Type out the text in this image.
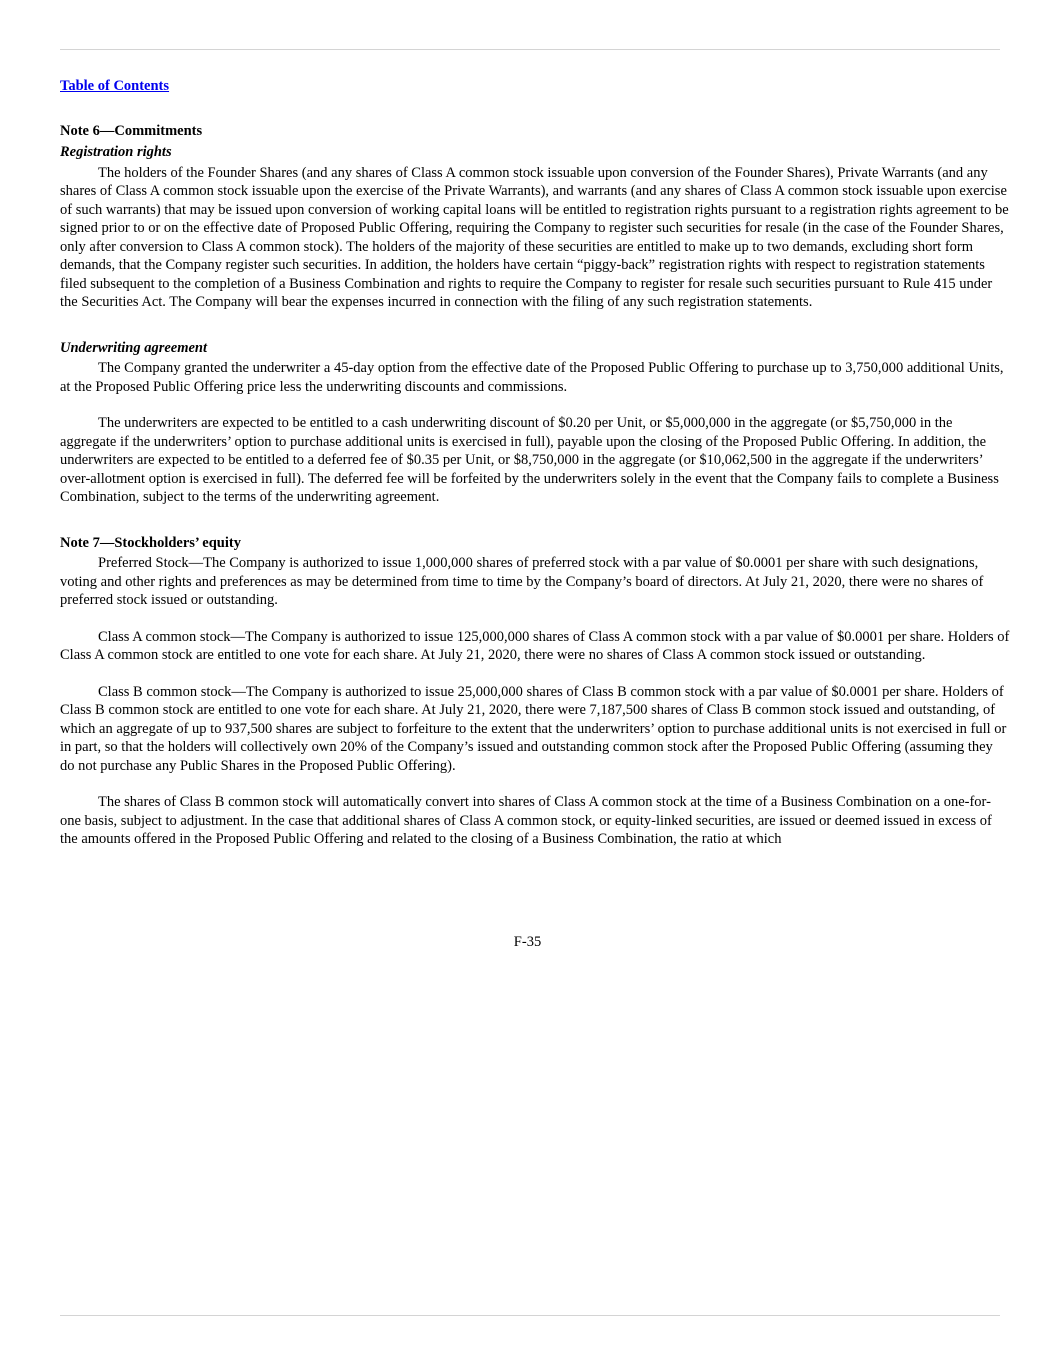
Table of Contents
Note 6—Commitments
Registration rights

The holders of the Founder Shares (and any shares of Class A common stock issuable upon conversion of the Founder Shares), Private Warrants (and any shares of Class A common stock issuable upon the exercise of the Private Warrants), and warrants (and any shares of Class A common stock issuable upon exercise of such warrants) that may be issued upon conversion of working capital loans will be entitled to registration rights pursuant to a registration rights agreement to be signed prior to or on the effective date of Proposed Public Offering, requiring the Company to register such securities for resale (in the case of the Founder Shares, only after conversion to Class A common stock). The holders of the majority of these securities are entitled to make up to two demands, excluding short form demands, that the Company register such securities. In addition, the holders have certain “piggy-back” registration rights with respect to registration statements filed subsequent to the completion of a Business Combination and rights to require the Company to register for resale such securities pursuant to Rule 415 under the Securities Act. The Company will bear the expenses incurred in connection with the filing of any such registration statements.

Underwriting agreement

The Company granted the underwriter a 45-day option from the effective date of the Proposed Public Offering to purchase up to 3,750,000 additional Units, at the Proposed Public Offering price less the underwriting discounts and commissions.

The underwriters are expected to be entitled to a cash underwriting discount of $0.20 per Unit, or $5,000,000 in the aggregate (or $5,750,000 in the aggregate if the underwriters’ option to purchase additional units is exercised in full), payable upon the closing of the Proposed Public Offering. In addition, the underwriters are expected to be entitled to a deferred fee of $0.35 per Unit, or $8,750,000 in the aggregate (or $10,062,500 in the aggregate if the underwriters’ over-allotment option is exercised in full). The deferred fee will be forfeited by the underwriters solely in the event that the Company fails to complete a Business Combination, subject to the terms of the underwriting agreement.

Note 7—Stockholders’ equity

Preferred Stock—The Company is authorized to issue 1,000,000 shares of preferred stock with a par value of $0.0001 per share with such designations, voting and other rights and preferences as may be determined from time to time by the Company’s board of directors. At July 21, 2020, there were no shares of preferred stock issued or outstanding.

Class A common stock—The Company is authorized to issue 125,000,000 shares of Class A common stock with a par value of $0.0001 per share. Holders of Class A common stock are entitled to one vote for each share. At July 21, 2020, there were no shares of Class A common stock issued or outstanding.

Class B common stock—The Company is authorized to issue 25,000,000 shares of Class B common stock with a par value of $0.0001 per share. Holders of Class B common stock are entitled to one vote for each share. At July 21, 2020, there were 7,187,500 shares of Class B common stock issued and outstanding, of which an aggregate of up to 937,500 shares are subject to forfeiture to the extent that the underwriters’ option to purchase additional units is not exercised in full or in part, so that the holders will collectively own 20% of the Company’s issued and outstanding common stock after the Proposed Public Offering (assuming they do not purchase any Public Shares in the Proposed Public Offering).

The shares of Class B common stock will automatically convert into shares of Class A common stock at the time of a Business Combination on a one-for-one basis, subject to adjustment. In the case that additional shares of Class A common stock, or equity-linked securities, are issued or deemed issued in excess of the amounts offered in the Proposed Public Offering and related to the closing of a Business Combination, the ratio at which

F-35
